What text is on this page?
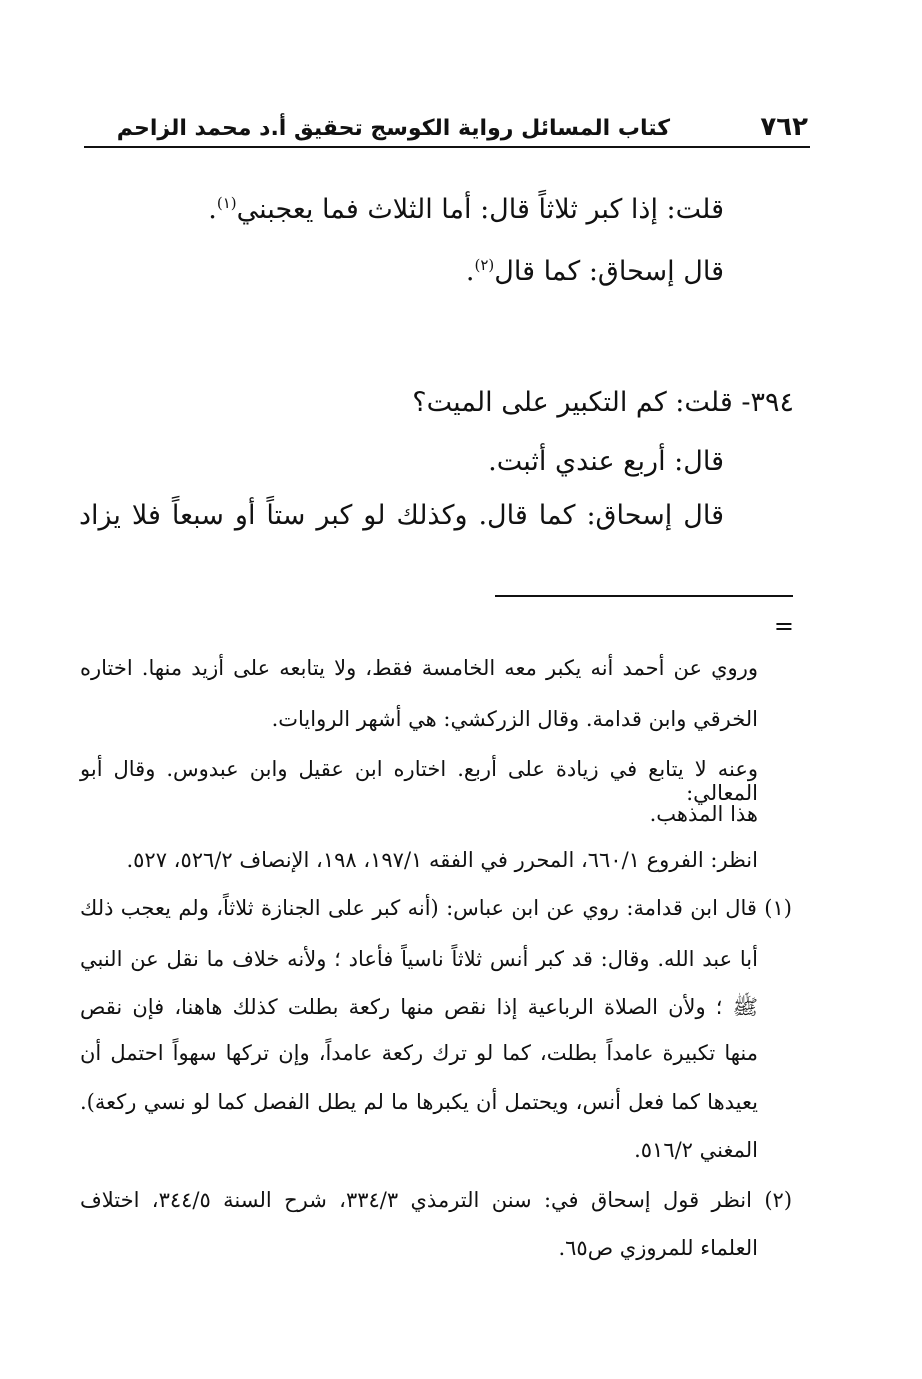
٧٦٢
كتاب المسائل رواية الكوسج تحقيق أ.د محمد الزاحم
قلت: إذا كبر ثلاثاً قال: أما الثلاث فما يعجبني$^{(١)}$.
قال إسحاق: كما قال$^{(٢)}$.
٣٩٤- قلت: كم التكبير على الميت؟
قال: أربع عندي أثبت.
قال إسحاق: كما قال. وكذلك لو كبر ستاً أو سبعاً فلا يزاد
=
وروي عن أحمد أنه يكبر معه الخامسة فقط، ولا يتابعه على أزيد منها. اختاره
الخرقي وابن قدامة. وقال الزركشي: هي أشهر الروايات.
وعنه لا يتابع في زيادة على أربع. اختاره ابن عقيل وابن عبدوس. وقال أبو المعالي:
هذا المذهب.
انظر: الفروع ٦٦٠/١، المحرر في الفقه ١٩٧/١، ١٩٨، الإنصاف ٥٢٦/٢، ٥٢٧.
(١) قال ابن قدامة: روي عن ابن عباس: (أنه كبر على الجنازة ثلاثاً، ولم يعجب ذلك
أبا عبد الله. وقال: قد كبر أنس ثلاثاً ناسياً فأعاد ؛ ولأنه خلاف ما نقل عن النبي
ﷺ ؛ ولأن الصلاة الرباعية إذا نقص منها ركعة بطلت كذلك هاهنا، فإن نقص
منها تكبيرة عامداً بطلت، كما لو ترك ركعة عامداً، وإن تركها سهواً احتمل أن
يعيدها كما فعل أنس، ويحتمل أن يكبرها ما لم يطل الفصل كما لو نسي ركعة).
المغني ٥١٦/٢.
(٢) انظر قول إسحاق في: سنن الترمذي ٣٣٤/٣، شرح السنة ٣٤٤/٥، اختلاف
العلماء للمروزي ص٦٥.
